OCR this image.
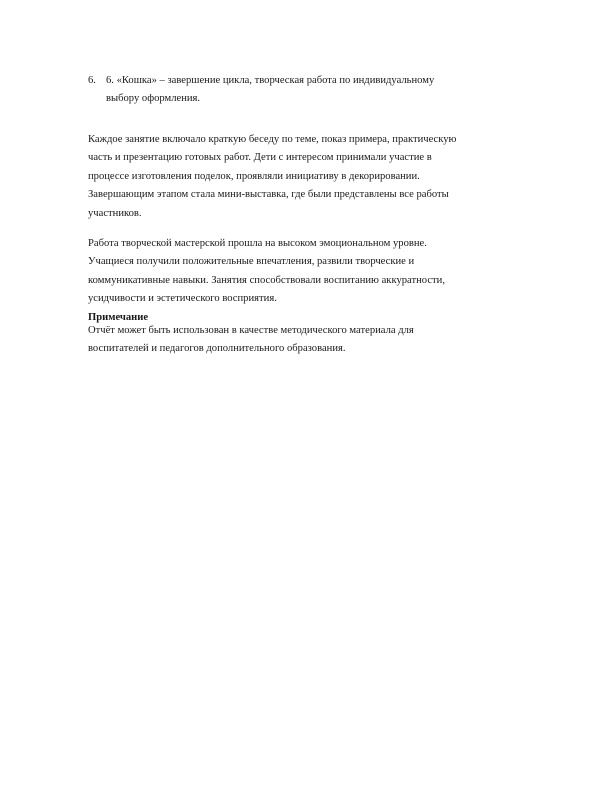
6. 6. «Кошка» – завершение цикла, творческая работа по индивидуальному
выбору оформления.
Каждое занятие включало краткую беседу по теме, показ примера, практическую
часть и презентацию готовых работ. Дети с интересом принимали участие в
процессе изготовления поделок, проявляли инициативу в декорировании.
Завершающим этапом стала мини-выставка, где были представлены все работы
участников.
Работа творческой мастерской прошла на высоком эмоциональном уровне.
Учащиеся получили положительные впечатления, развили творческие и
коммуникативные навыки. Занятия способствовали воспитанию аккуратности,
усидчивости и эстетического восприятия.
Примечание
Отчёт может быть использован в качестве методического материала для
воспитателей и педагогов дополнительного образования.
